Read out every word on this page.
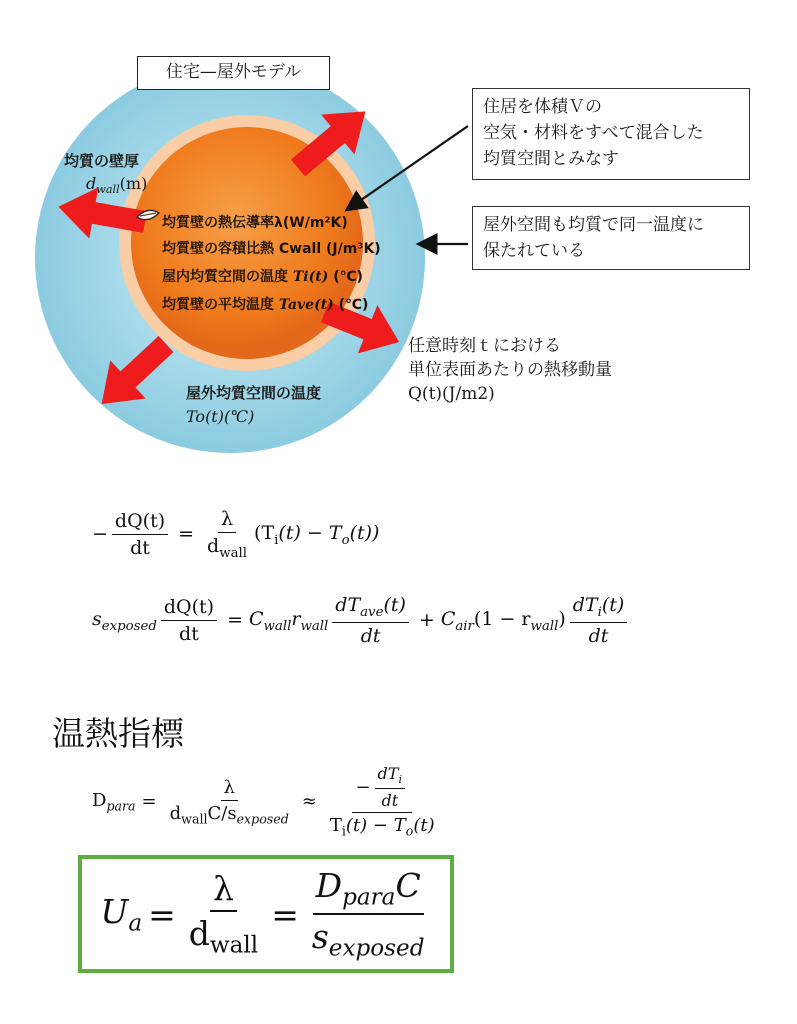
住宅—屋外モデル
均質の壁厚
$d_{wall}(m)$
均質壁の熱伝導率λ(W/m²K)
均質壁の容積比熱 Cwall (J/m³K)
屋内均質空間の温度 Ti(t) (℃)
均質壁の平均温度 Tave(t) (℃)
屋外均質空間の温度
To(t)(℃)
住居を体積Ｖの
空気・材料をすべて混合した
均質空間とみなす
屋外空間も均質で同一温度に
保たれている
任意時刻ｔにおける
単位表面あたりの熱移動量
Q(t)(J/m2)
− $\frac{dQ(t)}{dt} = \frac{\lambda}{d_{wall}} (T_i(t) - T_o(t))$
$s_{exposed} \frac{dQ(t)}{dt} = C_{wall}r_{wall} \frac{dT_{ave}(t)}{dt} + C_{air}(1 - r_{wall}) \frac{dT_i(t)}{dt}$
温熱指標
$D_{para} = \frac{\lambda}{d_{wall}C/s_{exposed}} \approx \frac{- \frac{dT_i}{dt}}{T_i(t) - T_o(t)}$
$U_a = \frac{\lambda}{d_{wall}} = \frac{D_{para}C}{s_{exposed}}$
